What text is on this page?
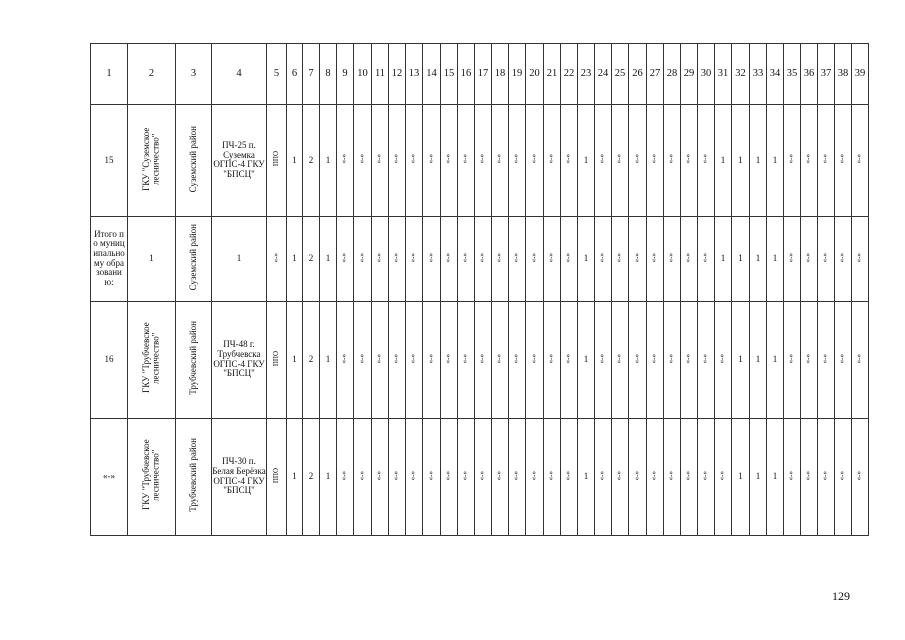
1	2	3	4	5	6	7	8	9	10	11	12	13	14	15	16	17	18	19	20	21	22	23	24	25	26	27	28	29	30	31	32	33	34	35	36	37	38	39
15	ГКУ "Суземское лесничество"	Суземский район	ПЧ-25 п. Суземка ОГПС-4 ГКУ "БПСЦ"	ППО	1	2	1	«-»	«-»	«-»	«-»	«-»	«-»	«-»	«-»	«-»	«-»	«-»	«-»	«-»	«-»	1	«-»	«-»	«-»	«-»	«-»	«-»	«-»	1	1	1	1	«-»	«-»	«-»	«-»	«-»
Итого по муниципальному образованию:	1	Суземский район	1	«-»	1	2	1	«-»	«-»	«-»	«-»	«-»	«-»	«-»	«-»	«-»	«-»	«-»	«-»	«-»	«-»	1	«-»	«-»	«-»	«-»	«-»	«-»	«-»	1	1	1	1	«-»	«-»	«-»	«-»	«-»
16	ГКУ "Трубчевское лесничество"	Трубчевский район	ПЧ-48 г. Трубчевска ОГПС-4 ГКУ "БПСЦ"	ППО	1	2	1	«-»	«-»	«-»	«-»	«-»	«-»	«-»	«-»	«-»	«-»	«-»	«-»	«-»	«-»	1	«-»	«-»	«-»	«-»	«-»	«-»	«-»	«-»	1	1	1	«-»	«-»	«-»	«-»	«-»
«-»	ГКУ "Трубчевское лесничество"	Трубчевский район	ПЧ-30 п. Белая Берёзка ОГПС-4 ГКУ "БПСЦ"	ППО	1	2	1	«-»	«-»	«-»	«-»	«-»	«-»	«-»	«-»	«-»	«-»	«-»	«-»	«-»	«-»	1	«-»	«-»	«-»	«-»	«-»	«-»	«-»	«-»	1	1	1	«-»	«-»	«-»	«-»	«-»
129
